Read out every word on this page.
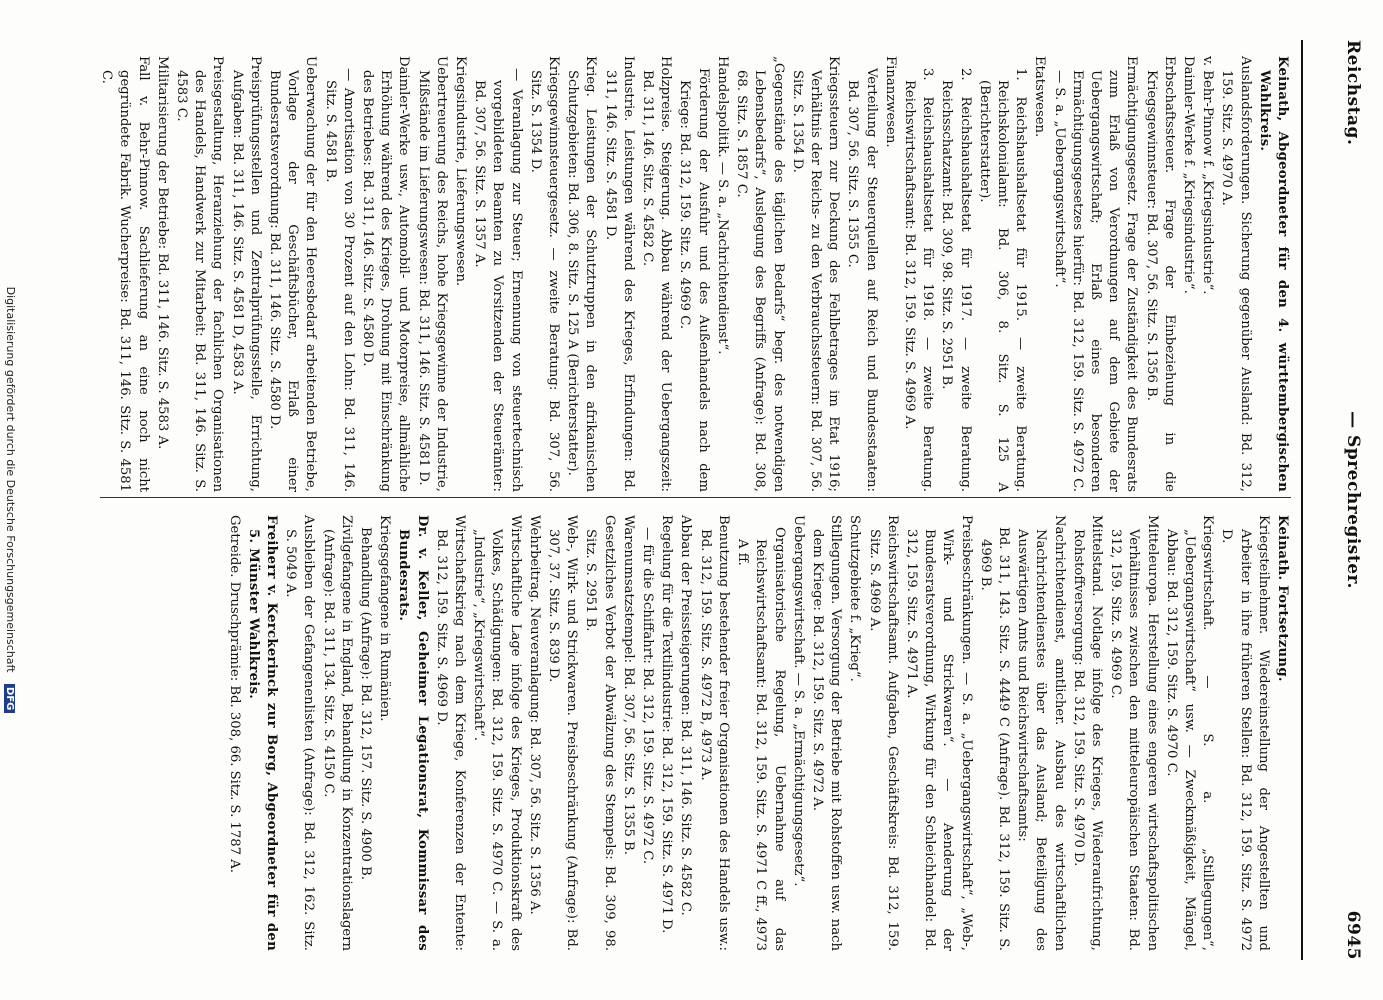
Reichstag.
— Sprechregister.
6945
Keinath, Abgeordneter für den 4. württembergischen Wahlkreis.
Auslandsforderungen. Sicherung gegenüber Ausland: Bd. 312, 159. Sitz. S. 4970 A.
v. Behr-Pinnow f. „Kriegsindustrie“.
Daimler-Werke f. „Kriegsindustrie“.
Erbschaftssteuer. Frage der Einbeziehung in die Kriegsgewinnsteuer: Bd. 307, 56. Sitz. S. 1356 B.
Ermächtigungsgesetz. Frage der Zuständigkeit des Bundesrats zum Erlaß von Verordnungen auf dem Gebiete der Uebergangswirtschaft; Erlaß eines besonderen Ermächtigungsgesetzes hierfür: Bd. 312, 159. Sitz. S. 4972 C. — S. a. „Uebergangswirtschaft“.
Etatswesen.
1. Reichshaushaltsetat für 1915. — zweite Beratung. Reichskolonialamt: Bd. 306, 8. Sitz. S. 125 A (Berichterstatter).
2. Reichshaushaltsetat für 1917. — zweite Beratung. Reichsschatzamt: Bd. 309, 98. Sitz. S. 2951 B.
3. Reichshaushaltsetat für 1918. — zweite Beratung. Reichswirtschaftsamt: Bd. 312, 159. Sitz. S. 4969 A.
Finanzwesen.
Verteilung der Steuerquellen auf Reich und Bundesstaaten: Bd. 307, 56. Sitz. S. 1355 C.
Kriegssteuern zur Deckung des Fehlbetrages im Etat 1916; Verhältnis der Reichs- zu den Verbrauchssteuern: Bd. 307, 56. Sitz. S. 1354 D.
„Gegenstände des täglichen Bedarfs“ begr. des notwendigen Lebensbedarfs“, Auslegung des Begriffs (Anfrage): Bd. 308, 68. Sitz. S. 1857 C.
Handelspolitik. — S. a. „Nachrichtendienst“.
Förderung der Ausfuhr und des Außenhandels nach dem Kriege: Bd. 312, 159. Sitz. S. 4969 C.
Holzpreise. Steigerung. Abbau während der Uebergangszeit: Bd. 311, 146. Sitz. S. 4582 C.
Industrie. Leistungen während des Krieges, Erfindungen: Bd. 311, 146. Sitz. S. 4581 D.
Krieg. Leistungen der Schutztruppen in den afrikanischen Schutzgebieten: Bd. 306, 8. Sitz. S. 125 A (Berichterstatter).
Kriegsgewinnsteuergesetz. — zweite Beratung: Bd. 307, 56. Sitz. S. 1354 D.
— Veranlagung zur Steuer; Ernennung von steuertechnisch vorgebildeten Beamten zu Vorsitzenden der Steuerämter: Bd. 307, 56. Sitz. S. 1357 A.
Kriegsindustrie, Lieferungswesen.
Uebertreuerung des Reichs, hohe Kriegsgewinne der Industrie, Mißstände im Lieferungswesen: Bd. 311, 146. Sitz. S. 4581 D.
Daimler-Werke usw., Automobil- und Motorpreise, allmähliche Erhöhung während des Krieges, Drohung mit Einschränkung des Betriebes: Bd. 311, 146. Sitz. S. 4580 D.
— Amortisation von 30 Prozent auf den Lohn: Bd. 311, 146. Sitz. S. 4581 B.
Ueberwachung der für den Heeresbedarf arbeitenden Betriebe, Vorlage der Geschäftsbücher, Erlaß einer Bundesratsverordnung: Bd. 311, 146. Sitz. S. 4580 D.
Preisprüfungsstellen und Zentralprüfungsstelle, Errichtung, Aufgaben: Bd. 311, 146. Sitz. S. 4581 D, 4583 A.
Preisgestaltung, Heranziehung der fachlichen Organisationen des Handels, Handwerk zur Mitarbeit: Bd. 311, 146. Sitz. S. 4583 C.
Militarisierung der Betriebe: Bd. 311, 146. Sitz. S. 4583 A.
Fall v. Behr-Pinnow. Sachlieferung an eine noch nicht gegründete Fabrik. Wucherpreise: Bd. 311, 146. Sitz. S. 4581 C.
Keinath. Fortsetzung.
Kriegsteilnehmer. Wiedereinstellung der Angestellten und Arbeiter in ihre früheren Stellen: Bd. 312, 159. Sitz. S. 4972 D.
Kriegswirtschaft. — S. a. „Stillegungen“, „Uebergangswirtschaft“ usw. — Zweckmäßigkeit, Mängel, Abbau: Bd. 312, 159. Sitz. S. 4970 C.
Mitteleuropa. Herstellung eines engeren wirtschaftspolitischen Verhältnisses zwischen den mitteleuropäischen Staaten: Bd. 312, 159. Sitz. S. 4969 C.
Mittelstand. Notlage infolge des Krieges, Wiederaufrichtung, Rohstoffversorgung: Bd. 312, 159. Sitz. S. 4970 D.
Nachrichtendienst, amtlicher. Ausbau des wirtschaftlichen Nachrichtendienstes über das Ausland; Beteiligung des Auswärtigen Amts und Reichswirtschaftsamts:
Bd. 311, 143. Sitz. S. 4449 C (Anfrage). Bd. 312, 159. Sitz. S. 4969 B.
Preisbeschränkungen. — S. a. „Uebergangswirtschaft“, „Web-, Wirk- und Strickwaren“. — Aenderung der Bundesratsverordnung, Wirkung für den Schleichhandel: Bd. 312, 159. Sitz. S. 4971 A.
Reichswirtschaftsamt. Aufgaben, Geschäftskreis: Bd. 312, 159. Sitz. S. 4969 A.
Schutzgebiete f. „Krieg“.
Stillegungen. Versorgung der Betriebe mit Rohstoffen usw. nach dem Kriege: Bd. 312, 159. Sitz. S. 4972 A.
Uebergangswirtschaft. — S. a. „Ermächtigungsgesetz“.
Organisatorische Regelung, Uebernahme auf das Reichswirtschaftsamt: Bd. 312, 159. Sitz. S. 4971 C ff., 4973 A ff.
Benutzung bestehender freier Organisationen des Handels usw.: Bd. 312, 159. Sitz. S. 4972 B, 4973 A.
Abbau der Preissteigerungen: Bd. 311, 146. Sitz. S. 4582 C.
Regelung für die Textilindustrie: Bd. 312, 159. Sitz. S. 4971 D.
— für die Schiffahrt: Bd. 312, 159. Sitz. S. 4972 C.
Warenumsatzstempel: Bd. 307, 56. Sitz. S. 1355 B.
Gesetzliches Verbot der Abwälzung des Stempels: Bd. 309, 98. Sitz. S. 2951 B.
Web-, Wirk- und Strickwaren. Preisbeschränkung (Anfrage): Bd. 307, 37. Sitz. S. 839 D.
Wehrbeitrag. Neuveranlagung: Bd. 307, 56. Sitz. S. 1356 A.
Wirtschaftliche Lage infolge des Krieges, Produktionskraft des Volkes, Schädigungen: Bd. 312, 159. Sitz. S. 4970 C. — S. a. „Industrie“, „Kriegswirtschaft“.
Wirtschaftskrieg nach dem Kriege, Konferenzen der Entente: Bd. 312, 159. Sitz. S. 4969 D.
Dr. v. Keller, Geheimer Legationsrat, Kommissar des Bundesrats.
Kriegsgefangene in Rumänien.
Behandlung (Anfrage): Bd. 312, 157. Sitz. S. 4900 B.
Zivilgefangene in England, Behandlung in Konzentrationslagern (Anfrage): Bd. 311, 134. Sitz. S. 4150 C.
Ausbleiben der Gefangenenlisten (Anfrage): Bd. 312, 162. Sitz. S. 5049 A.
Freiherr v. Kerckerinck zur Borg, Abgeordneter für den 5. Münster Wahlkreis.
Getreide. Druschprämie: Bd. 308, 66. Sitz. S. 1787 A.
Digitalisierung gefördert durch die Deutsche Forschungsgemeinschaft DFG
